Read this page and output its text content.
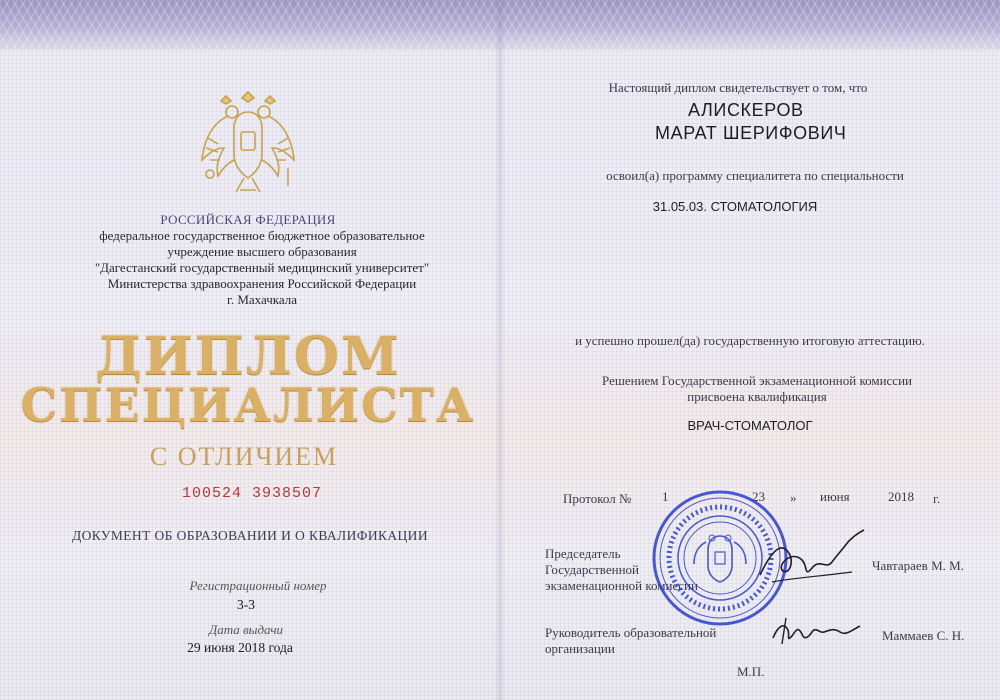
РОССИЙСКАЯ ФЕДЕРАЦИЯ
федеральное государственное бюджетное образовательное
учреждение высшего образования
"Дагестанский государственный медицинский университет"
Министерства здравоохранения Российской Федерации
г. Махачкала
ДИПЛОМ
СПЕЦИАЛИСТА
С ОТЛИЧИЕМ
100524 3938507
ДОКУМЕНТ ОБ ОБРАЗОВАНИИ И О КВАЛИФИКАЦИИ
Регистрационный номер
3-3
Дата выдачи
29 июня 2018 года
Настоящий диплом свидетельствует о том, что
АЛИСКЕРОВ
МАРАТ ШЕРИФОВИЧ
освоил(а) программу специалитета по специальности
31.05.03. СТОМАТОЛОГИЯ
и успешно прошел(да) государственную итоговую аттестацию.
Решением Государственной экзаменационной комиссии
присвоена квалификация
ВРАЧ-СТОМАТОЛОГ
Протокол № 1	23 » июня	2018 г.
Председатель
Государственной
экзаменационной комиссии
Чавтараев М. М.
Руководитель образовательной
организации
Маммаев С. Н.
М.П.
